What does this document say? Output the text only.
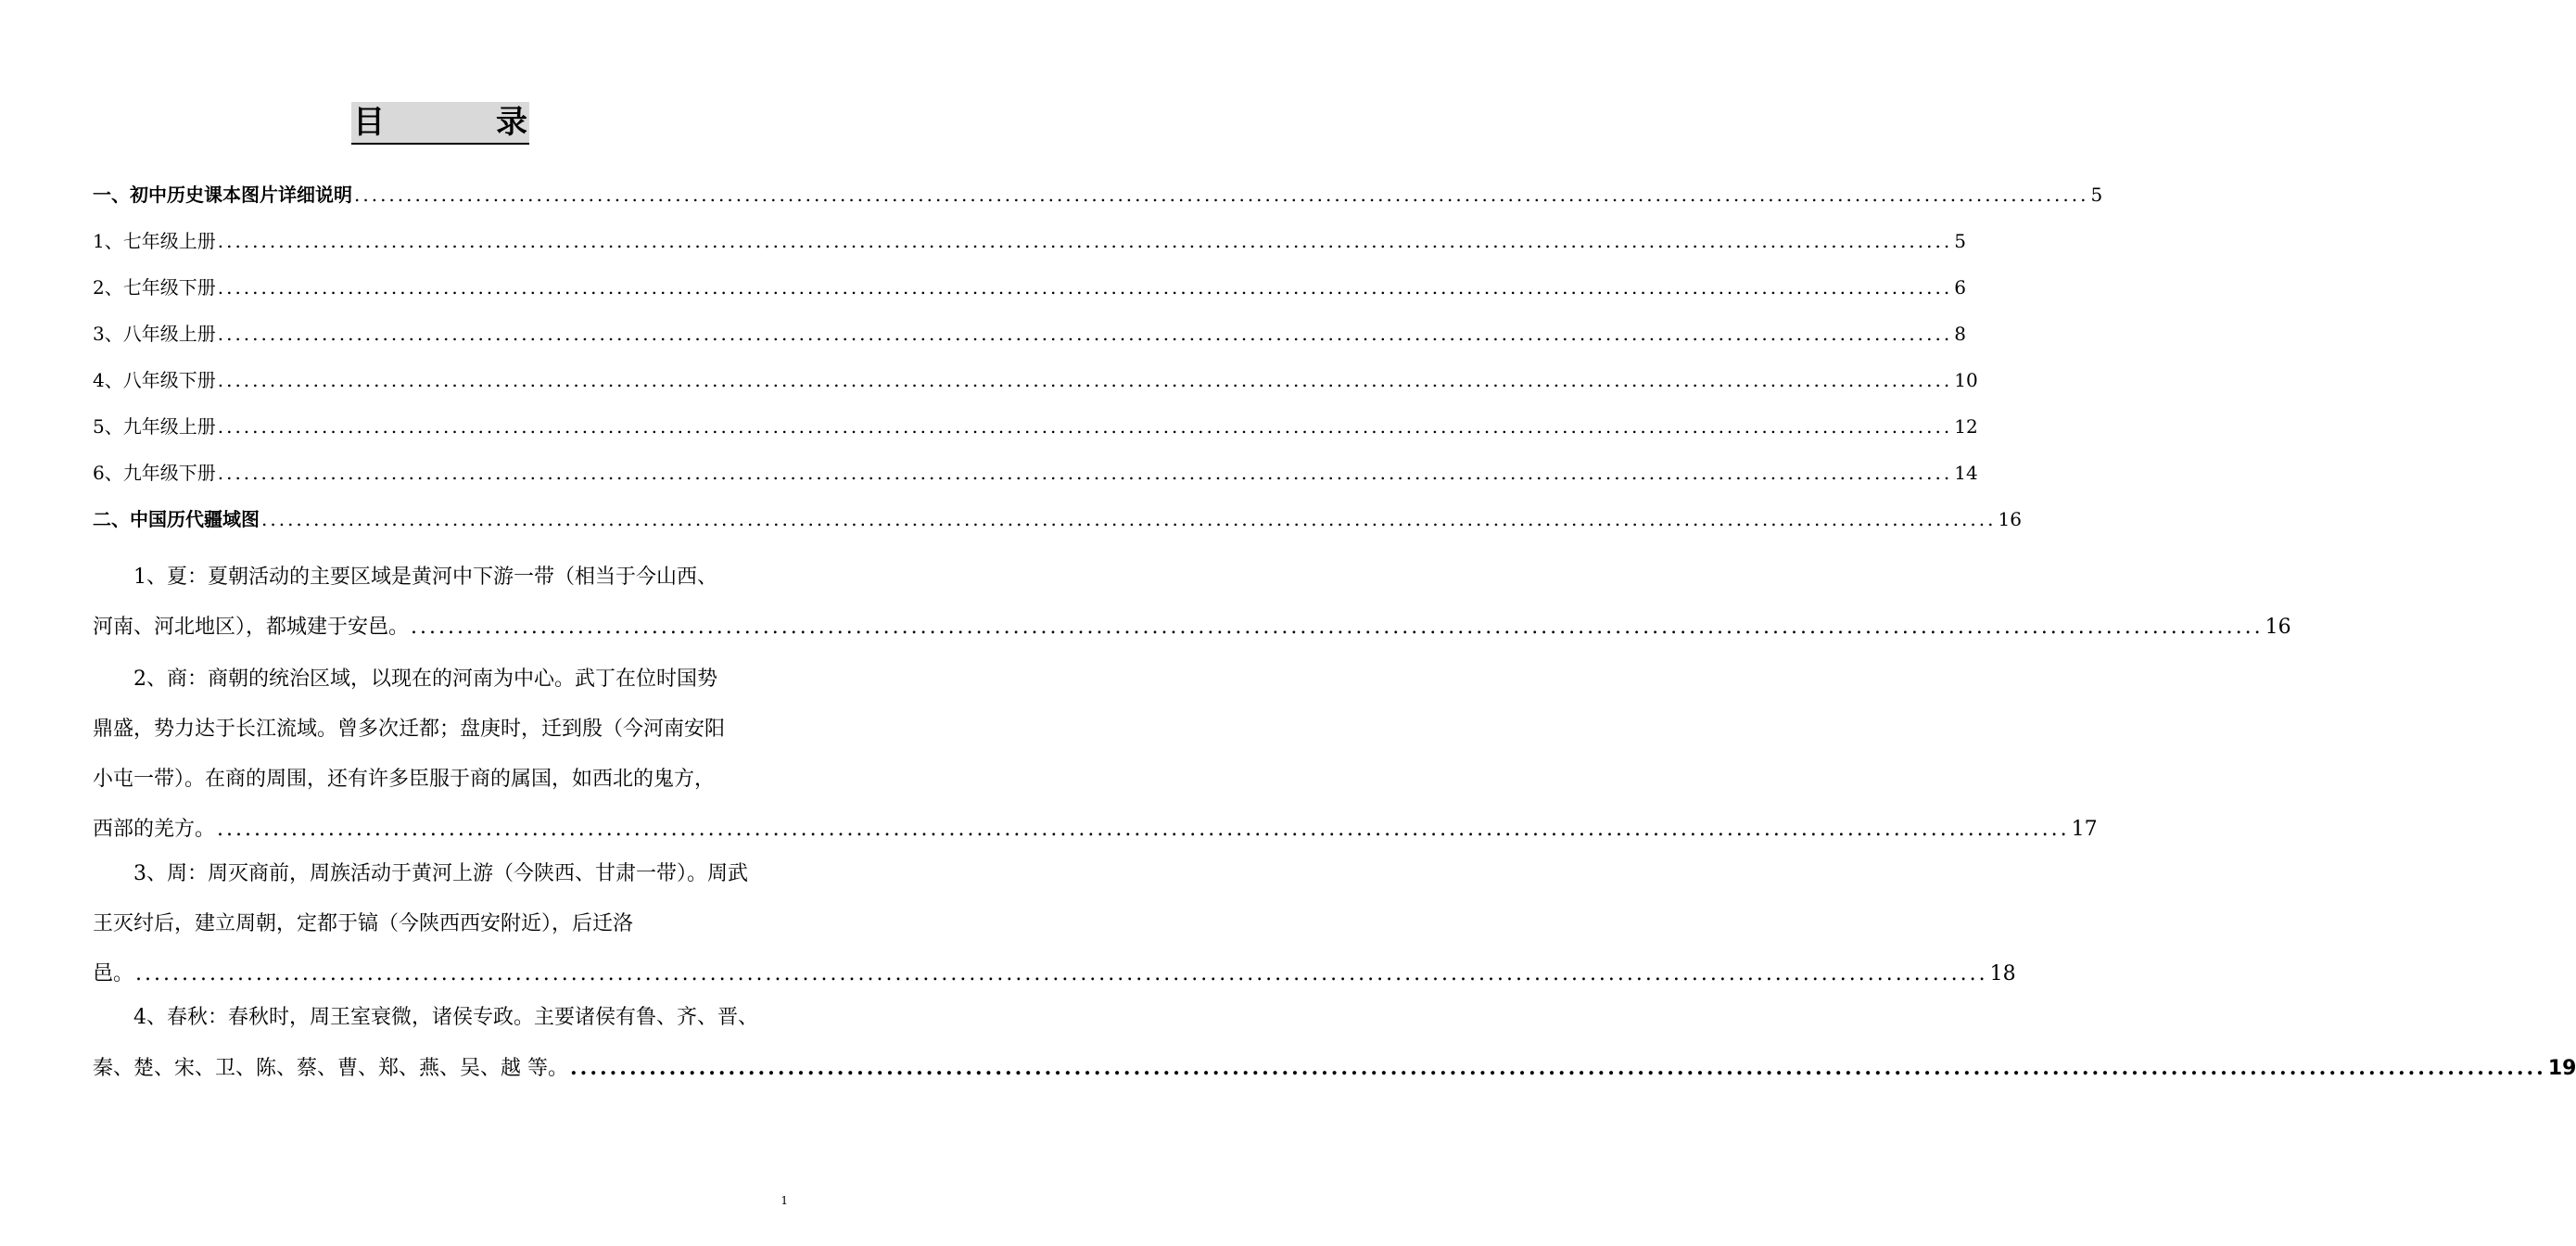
目	录
一、初中历史课本图片详细说明 ........................................................................................................................................................................................................ 5
1、七年级上册 ........................................................................................................................................................................................................ 5
2、七年级下册 ........................................................................................................................................................................................................ 6
3、八年级上册 ........................................................................................................................................................................................................ 8
4、八年级下册 ........................................................................................................................................................................................................ 10
5、九年级上册 ........................................................................................................................................................................................................ 12
6、九年级下册 ........................................................................................................................................................................................................ 14
二、中国历代疆域图 ........................................................................................................................................................................................................ 16
1、夏：夏朝活动的主要区域是黄河中下游一带（相当于今山西、
河南、河北地区），都城建于安邑。 ........................................................................................................................................................................................................ 16
2、商：商朝的统治区域，以现在的河南为中心。武丁在位时国势
鼎盛，势力达于长江流域。曾多次迁都；盘庚时，迁到殷（今河南安阳
小屯一带）。在商的周围，还有许多臣服于商的属国，如西北的鬼方，
西部的羌方。 ........................................................................................................................................................................................................ 17
3、周：周灭商前，周族活动于黄河上游（今陕西、甘肃一带）。周武
王灭纣后，建立周朝，定都于镐（今陕西西安附近），后迁洛
邑。 ........................................................................................................................................................................................................ 18
4、春秋：春秋时，周王室衰微，诸侯专政。主要诸侯有鲁、齐、晋、
秦、楚、宋、卫、陈、蔡、曹、郑、燕、吴、越 等。 ........................................................................................................................................................................................................ 19
1
